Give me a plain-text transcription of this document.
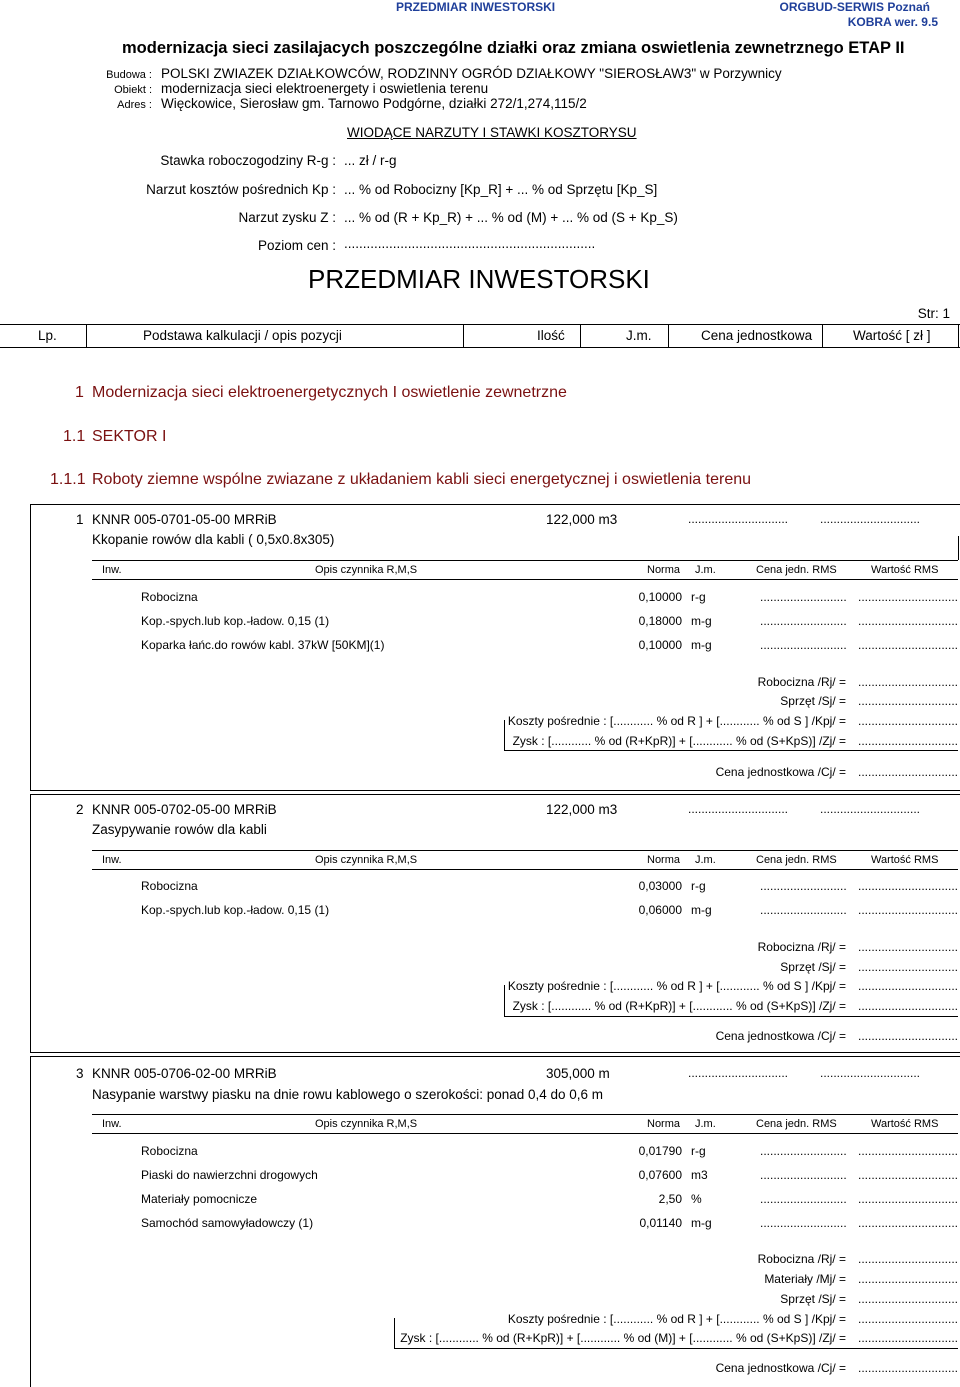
PRZEDMIAR INWESTORSKI	ORGBUD-SERWIS Poznań
KOBRA wer. 9.5
modernizacja sieci zasilajacych poszczególne działki oraz zmiana oswietlenia zewnetrznego ETAP II
Budowa : POLSKI ZWIAZEK DZIAŁKOWCÓW, RODZINNY OGRÓD DZIAŁKOWY "SIEROSŁAW3" w Porzywnicy
Obiekt : modernizacja sieci elektroenergety i oswietlenia terenu
Adres : Więckowice, Sierosław gm. Tarnowo Podgórne, działki 272/1,274,115/2
WIODĄCE NARZUTY I STAWKI KOSZTORYSU
Stawka roboczogodziny R-g : ... zł / r-g
Narzut kosztów pośrednich Kp : ... % od Robocizny [Kp_R] + ... % od Sprzętu [Kp_S]
Narzut zysku Z : ... % od (R + Kp_R) + ... % od (M) + ... % od (S + Kp_S)
Poziom cen : ...................................................................
PRZEDMIAR INWESTORSKI
Str: 1
Lp.	Podstawa kalkulacji / opis pozycji	Ilość	J.m.	Cena jednostkowa	Wartość [ zł ]
1 Modernizacja sieci elektroenergetycznych I oswietlenie zewnetrzne
1.1 SEKTOR I
1.1.1 Roboty ziemne wspólne zwiazane z układaniem kabli sieci energetycznej i oswietlenia terenu
1 KNNR 005-0701-05-00 MRRiB	122,000 m3	..............................	..............................
Kkopanie rowów dla kabli ( 0,5x0.8x305)
Inw.	Opis czynnika R,M,S	Norma J.m.	Cena jedn. RMS	Wartość RMS
Robocizna	0,10000 r-g	.......................... ..............................
Kop.-spych.lub kop.-ładow. 0,15 (1)	0,18000 m-g	.......................... ..............................
Koparka łańc.do rowów kabl. 37kW [50KM](1)	0,10000 m-g	.......................... ..............................
Robocizna /Rj/ = ..............................
Sprzęt /Sj/ = ..............................
Koszty pośrednie : [............ % od R ] + [............ % od S ] /Kpj/ = ..............................
Zysk : [............ % od (R+KpR)] + [............ % od (S+KpS)] /Zj/ = ..............................
Cena jednostkowa /Cj/ = ..............................
2 KNNR 005-0702-05-00 MRRiB	122,000 m3	..............................	..............................
Zasypywanie rowów dla kabli
Inw.	Opis czynnika R,M,S	Norma J.m.	Cena jedn. RMS	Wartość RMS
Robocizna	0,03000 r-g	.......................... ..............................
Kop.-spych.lub kop.-ładow. 0,15 (1)	0,06000 m-g	.......................... ..............................
Robocizna /Rj/ = ..............................
Sprzęt /Sj/ = ..............................
Koszty pośrednie : [............ % od R ] + [............ % od S ] /Kpj/ = ..............................
Zysk : [............ % od (R+KpR)] + [............ % od (S+KpS)] /Zj/ = ..............................
Cena jednostkowa /Cj/ = ..............................
3 KNNR 005-0706-02-00 MRRiB	305,000 m	..............................	..............................
Nasypanie warstwy piasku na dnie rowu kablowego o szerokości: ponad 0,4 do 0,6 m
Inw.	Opis czynnika R,M,S	Norma J.m.	Cena jedn. RMS	Wartość RMS
Robocizna	0,01790 r-g	.......................... ..............................
Piaski do nawierzchni drogowych	0,07600 m3	.......................... ..............................
Materiały pomocnicze	2,50 %	.......................... ..............................
Samochód samowyładowczy (1)	0,01140 m-g	.......................... ..............................
Robocizna /Rj/ = ..............................
Materiały /Mj/ = ..............................
Sprzęt /Sj/ = ..............................
Koszty pośrednie : [............ % od R ] + [............ % od S ] /Kpj/ = ..............................
Zysk : [............ % od (R+KpR)] + [............ % od (M)] + [............ % od (S+KpS)] /Zj/ = ..............................
Cena jednostkowa /Cj/ = ..............................
